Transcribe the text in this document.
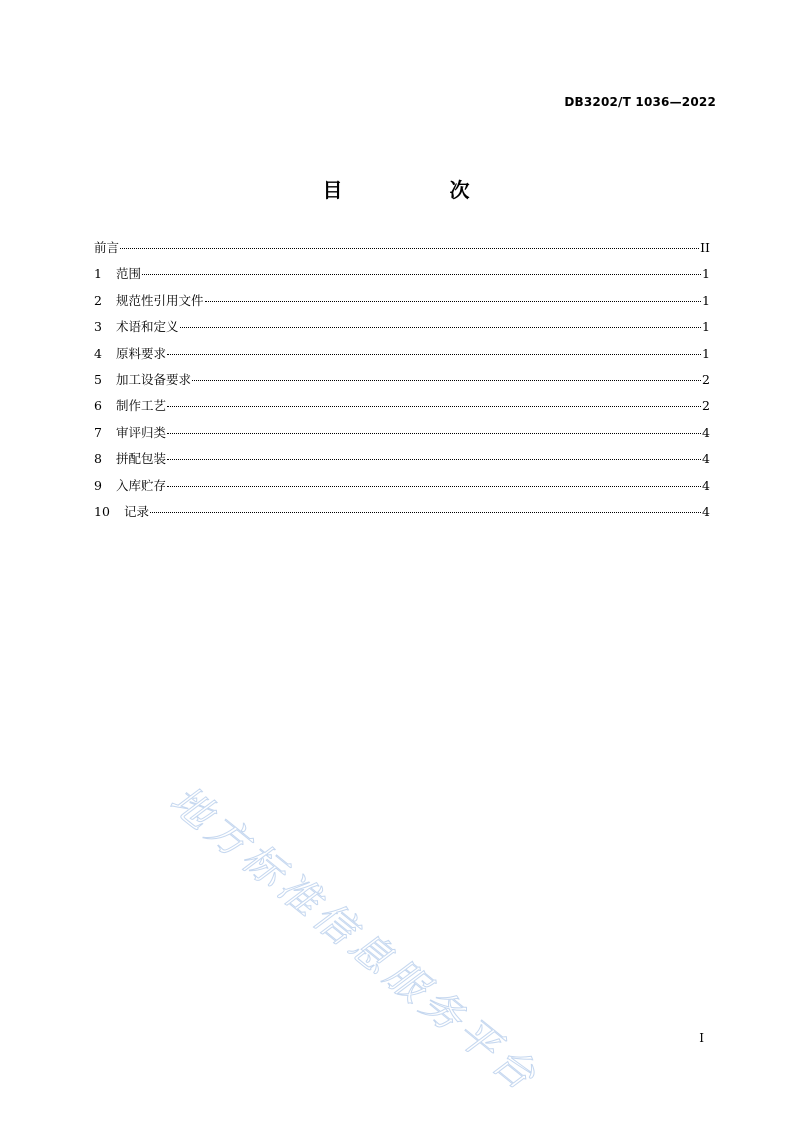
DB3202/T 1036—2022
目 次
前言	II
1	范围	1
2	规范性引用文件	1
3	术语和定义	1
4	原料要求	1
5	加工设备要求	2
6	制作工艺	2
7	审评归类	4
8	拼配包装	4
9	入库贮存	4
10	记录	4
地方标准信息服务平台	I
